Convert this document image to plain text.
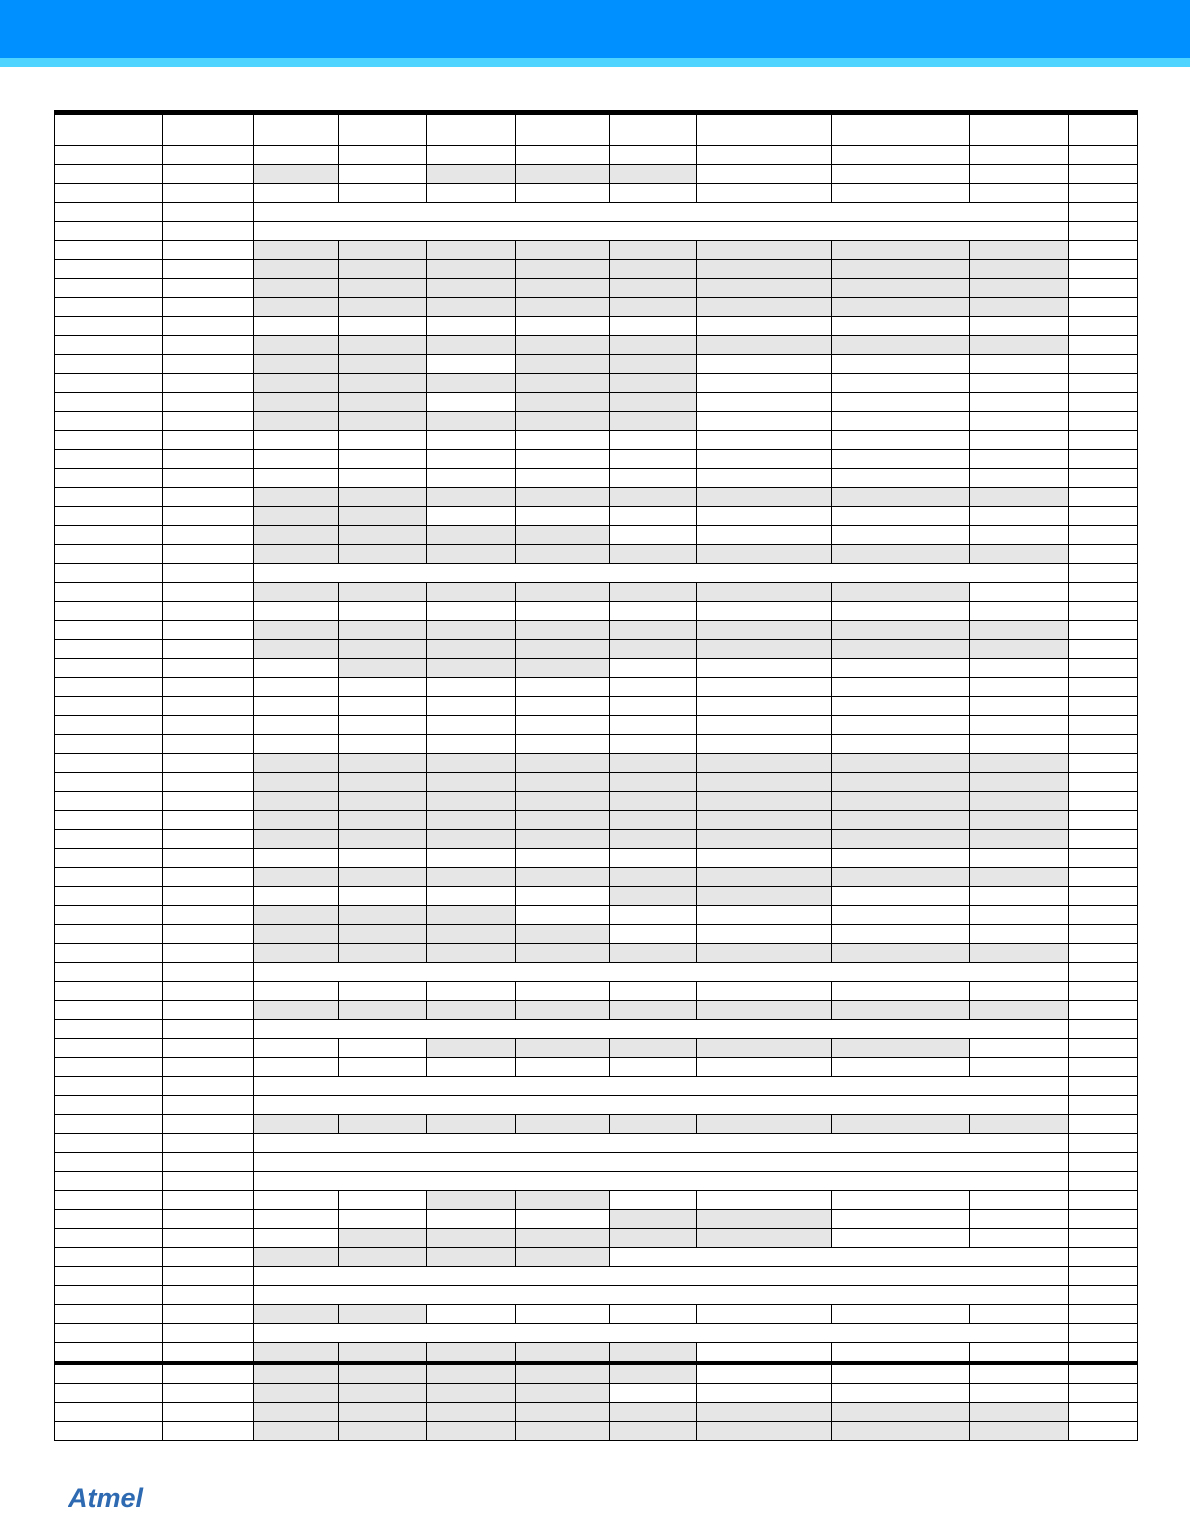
Atmel
